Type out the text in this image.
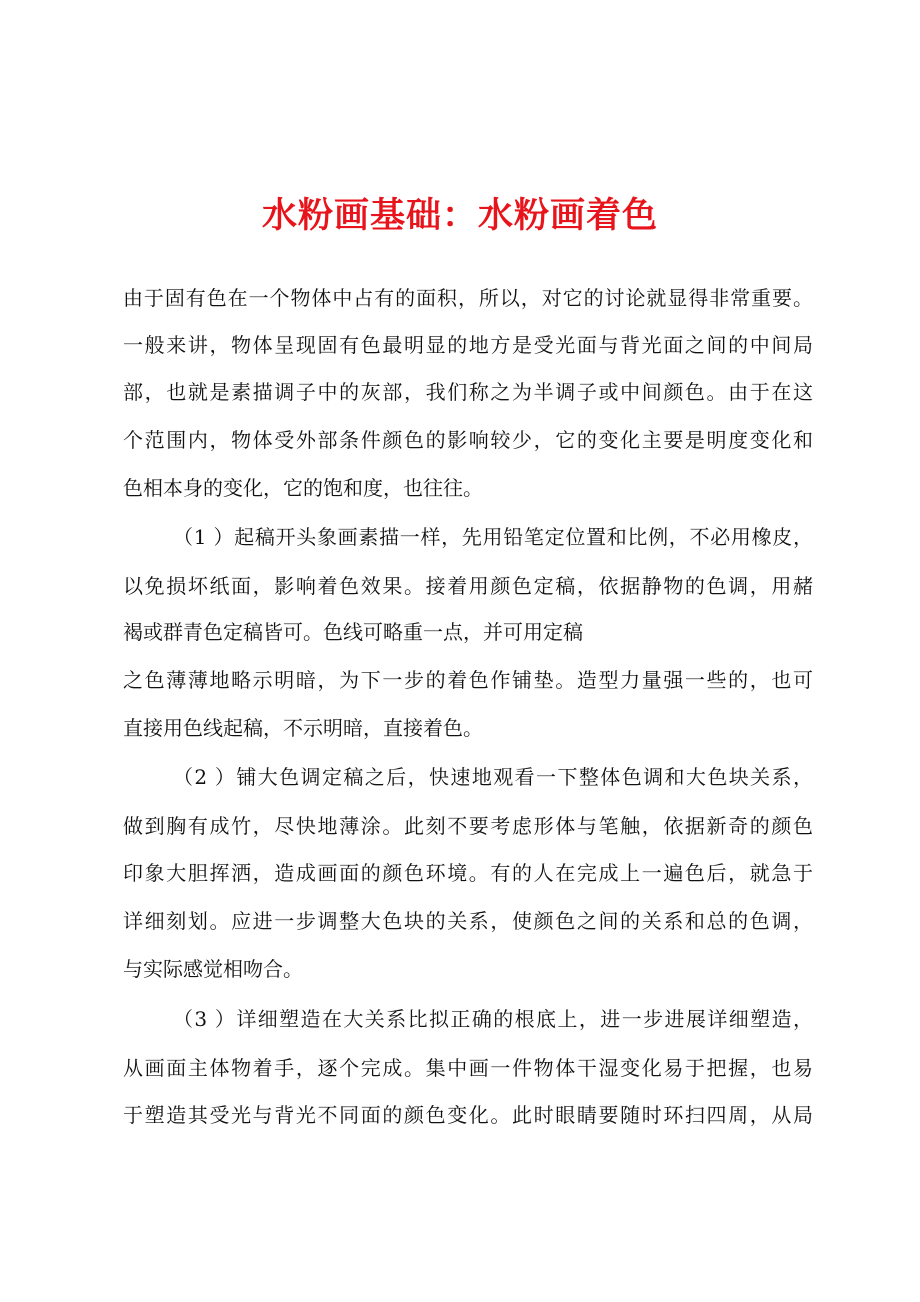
水粉画基础：水粉画着色

由于固有色在一个物体中占有的面积，所以，对它的讨论就显得非常重要。

一般来讲，物体呈现固有色最明显的地方是受光面与背光面之间的中间局

部，也就是素描调子中的灰部，我们称之为半调子或中间颜色。由于在这

个范围内，物体受外部条件颜色的影响较少，它的变化主要是明度变化和

色相本身的变化，它的饱和度，也往往。

（1 ）起稿开头象画素描一样，先用铅笔定位置和比例，不必用橡皮，

以免损坏纸面，影响着色效果。接着用颜色定稿，依据静物的色调，用赭

褐或群青色定稿皆可。色线可略重一点，并可用定稿

之色薄薄地略示明暗，为下一步的着色作铺垫。造型力量强一些的，也可

直接用色线起稿，不示明暗，直接着色。

（2 ）铺大色调定稿之后，快速地观看一下整体色调和大色块关系，

做到胸有成竹，尽快地薄涂。此刻不要考虑形体与笔触，依据新奇的颜色

印象大胆挥洒，造成画面的颜色环境。有的人在完成上一遍色后，就急于

详细刻划。应进一步调整大色块的关系，使颜色之间的关系和总的色调，

与实际感觉相吻合。

（3 ）详细塑造在大关系比拟正确的根底上，进一步进展详细塑造，

从画面主体物着手，逐个完成。集中画一件物体干湿变化易于把握，也易

于塑造其受光与背光不同面的颜色变化。此时眼睛要随时环扫四周，从局
